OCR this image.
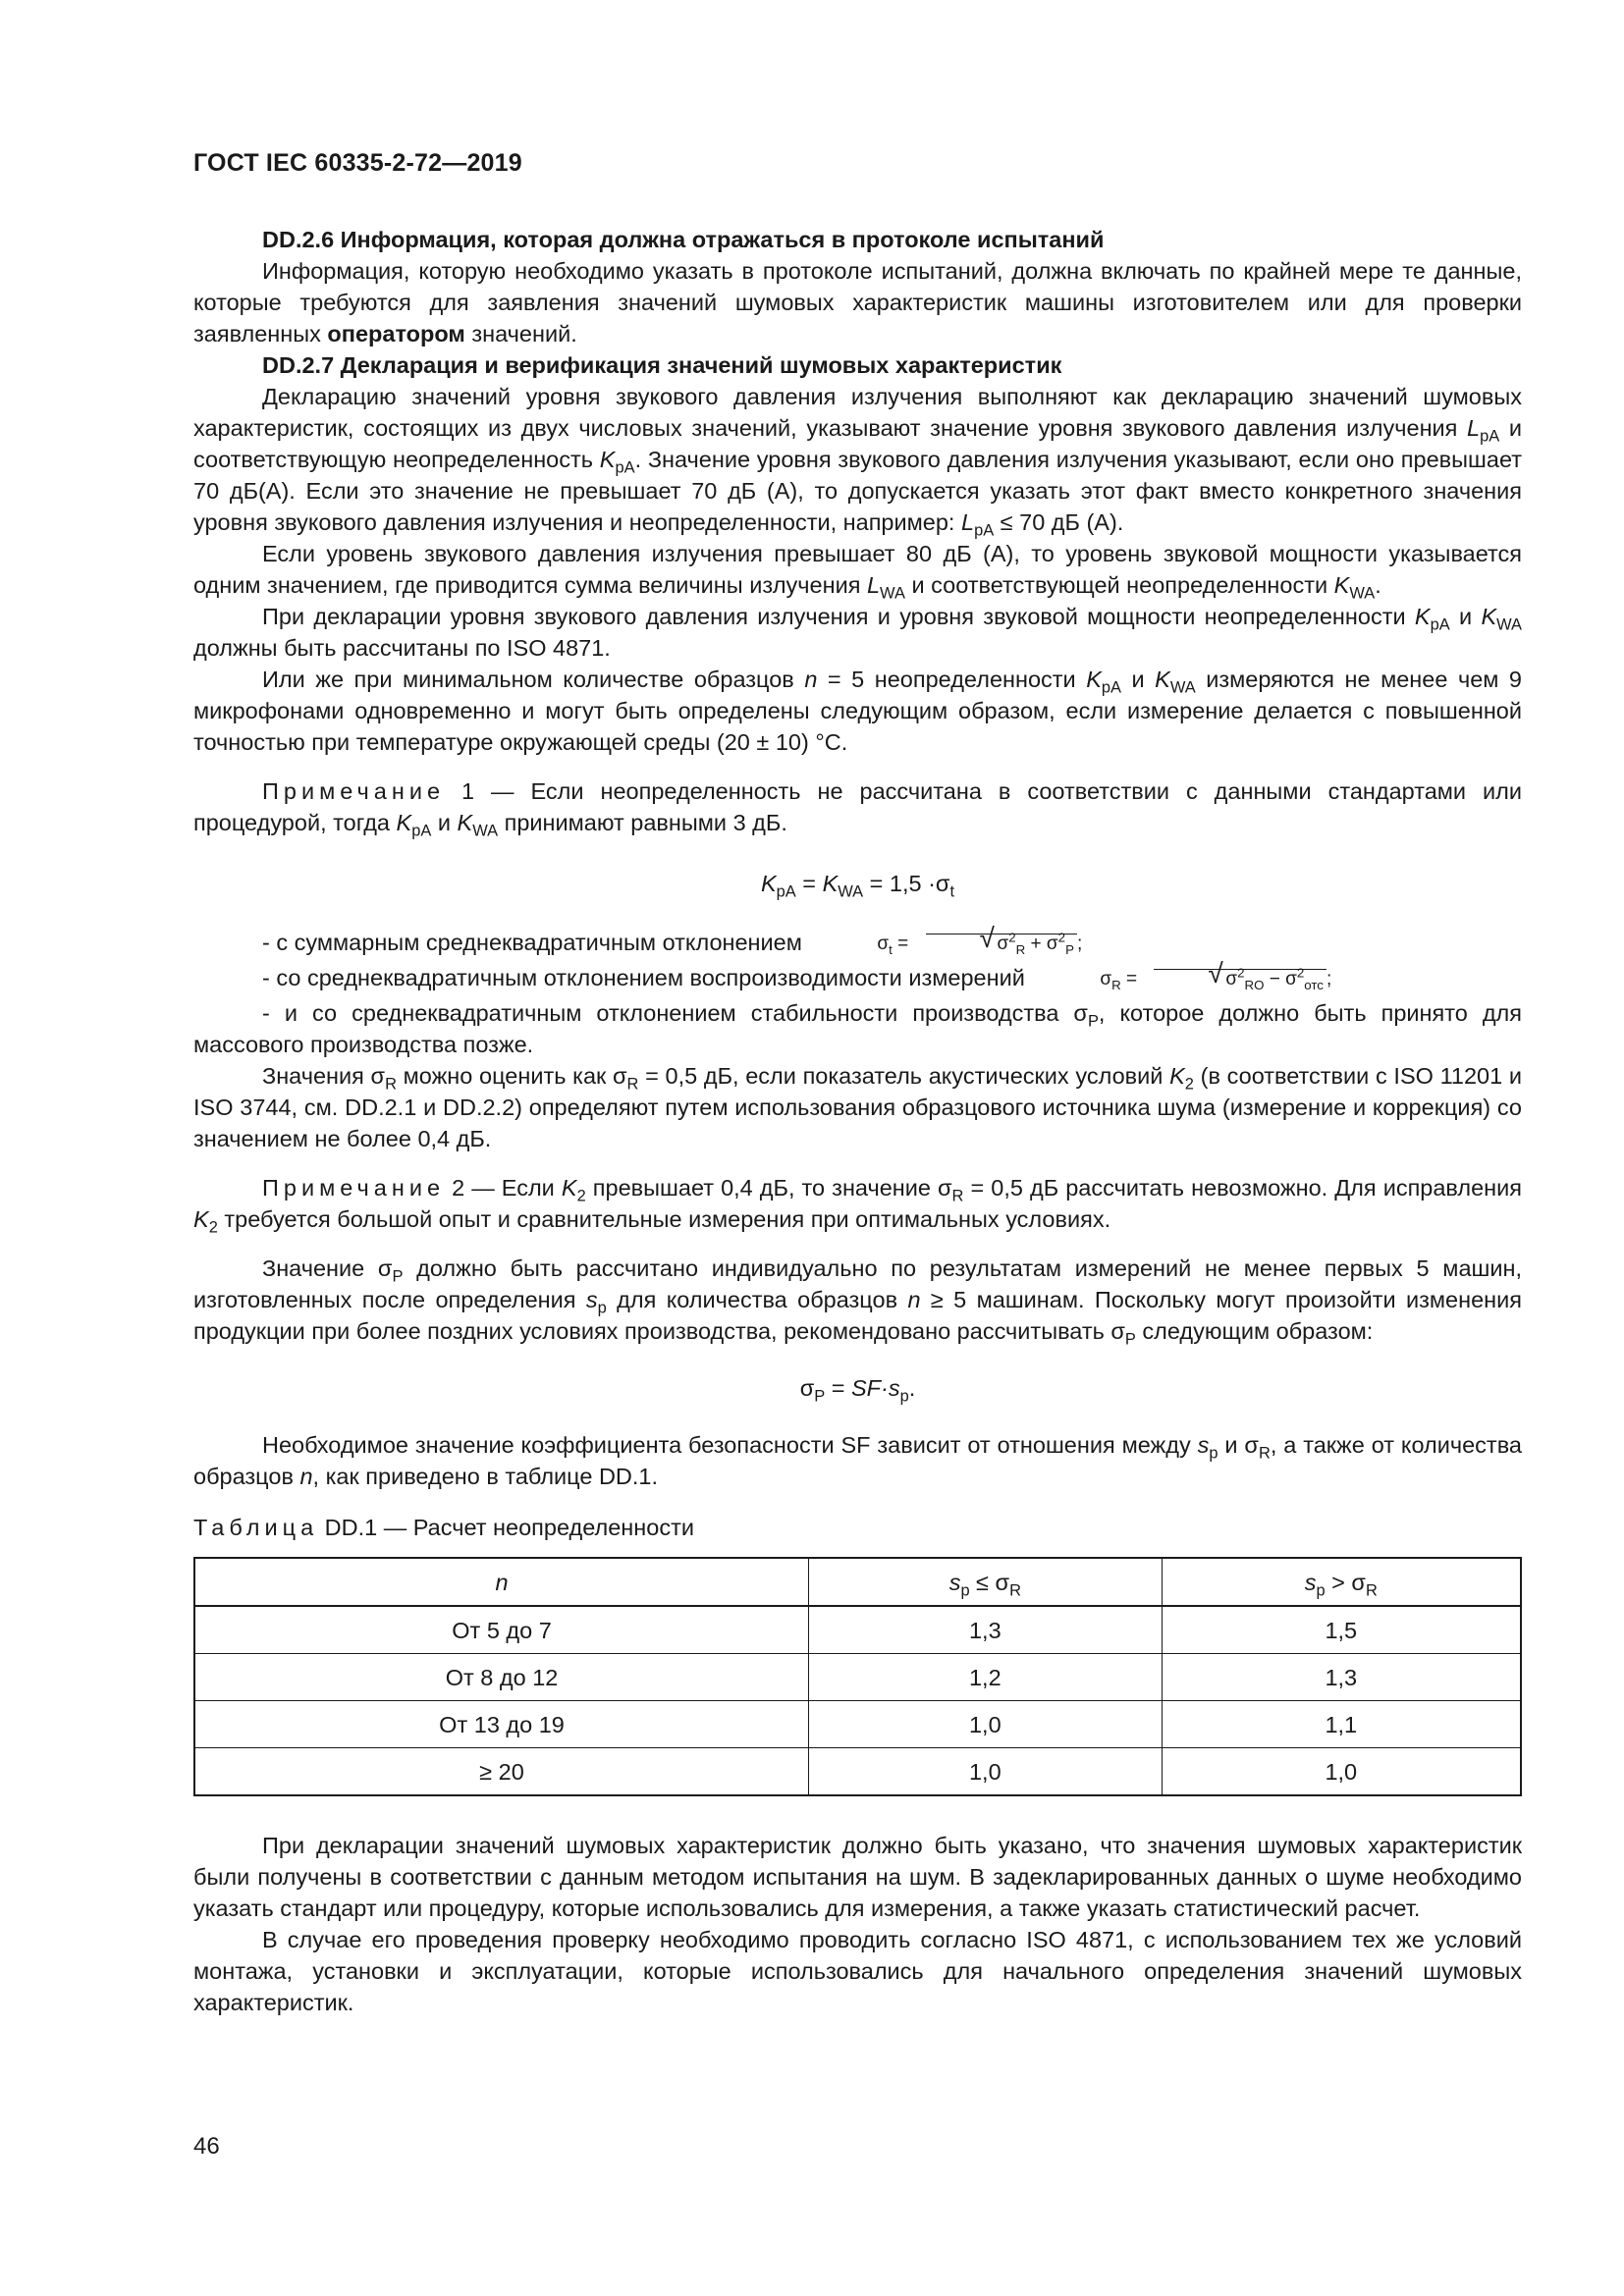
ГОСТ IEC 60335-2-72—2019

DD.2.6 Информация, которая должна отражаться в протоколе испытаний

Информация, которую необходимо указать в протоколе испытаний, должна включать по крайней мере те данные, которые требуются для заявления значений шумовых характеристик машины изготовителем или для проверки заявленных оператором значений.

DD.2.7 Декларация и верификация значений шумовых характеристик

Декларацию значений уровня звукового давления излучения выполняют как декларацию значений шумовых характеристик, состоящих из двух числовых значений, указывают значение уровня звукового давления излучения $L_{pA}$ и соответствующую неопределенность $K_{pA}$. Значение уровня звукового давления излучения указывают, если оно превышает 70 дБ(А). Если это значение не превышает 70 дБ (А), то допускается указать этот факт вместо конкретного значения уровня звукового давления излучения и неопределенности, например: $L_{pA} \le 70$ дБ (А).

Если уровень звукового давления излучения превышает 80 дБ (А), то уровень звуковой мощности указывается одним значением, где приводится сумма величины излучения $L_{WA}$ и соответствующей неопределенности $K_{WA}$.

При декларации уровня звукового давления излучения и уровня звуковой мощности неопределенности $K_{pA}$ и $K_{WA}$ должны быть рассчитаны по ISO 4871.

Или же при минимальном количестве образцов n = 5 неопределенности $K_{pA}$ и $K_{WA}$ измеряются не менее чем 9 микрофонами одновременно и могут быть определены следующим образом, если измерение делается с повышенной точностью при температуре окружающей среды (20 ± 10) °С.

Примечание 1 — Если неопределенность не рассчитана в соответствии с данными стандартами или процедурой, тогда $K_{pA}$ и $K_{WA}$ принимают равными 3 дБ.

$K_{pA} = K_{WA} = 1,5 \cdot\sigma_t$

- с суммарным среднеквадратичным отклонением	$\sigma_t$ =	√ $\sigma^2_R + \sigma^2_P$ ;

- со среднеквадратичным отклонением воспроизводимости измерений	$\sigma_R$ =	√ $\sigma^2_{RO} - \sigma^2_{отс}$ ;

- и со среднеквадратичным отклонением стабильности производства $\sigma_P$, которое должно быть принято для массового производства позже.

Значения $\sigma_R$ можно оценить как $\sigma_R = 0,5$ дБ, если показатель акустических условий $K_2$ (в соответствии с ISO 11201 и ISO 3744, см. DD.2.1 и DD.2.2) определяют путем использования образцового источника шума (измерение и коррекция) со значением не более 0,4 дБ.

Примечание 2 — Если $K_2$ превышает 0,4 дБ, то значение $\sigma_R = 0,5$ дБ рассчитать невозможно. Для исправления $K_2$ требуется большой опыт и сравнительные измерения при оптимальных условиях.

Значение $\sigma_P$ должно быть рассчитано индивидуально по результатам измерений не менее первых 5 машин, изготовленных после определения $s_p$ для количества образцов n ≥ 5 машинам. Поскольку могут произойти изменения продукции при более поздних условиях производства, рекомендовано рассчитывать $\sigma_P$ следующим образом:

$\sigma_P = SF\cdot s_p$.

Необходимое значение коэффициента безопасности SF зависит от отношения между $s_p$ и $\sigma_R$, а также от количества образцов n, как приведено в таблице DD.1.

Таблица DD.1 — Расчет неопределенности

n	$s_p \le \sigma_R$	$s_p > \sigma_R$
От 5 до 7	1,3	1,5
От 8 до 12	1,2	1,3
От 13 до 19	1,0	1,1
≥ 20	1,0	1,0

При декларации значений шумовых характеристик должно быть указано, что значения шумовых характеристик были получены в соответствии с данным методом испытания на шум. В задекларированных данных о шуме необходимо указать стандарт или процедуру, которые использовались для измерения, а также указать статистический расчет.

В случае его проведения проверку необходимо проводить согласно ISO 4871, с использованием тех же условий монтажа, установки и эксплуатации, которые использовались для начального определения значений шумовых характеристик.

46
